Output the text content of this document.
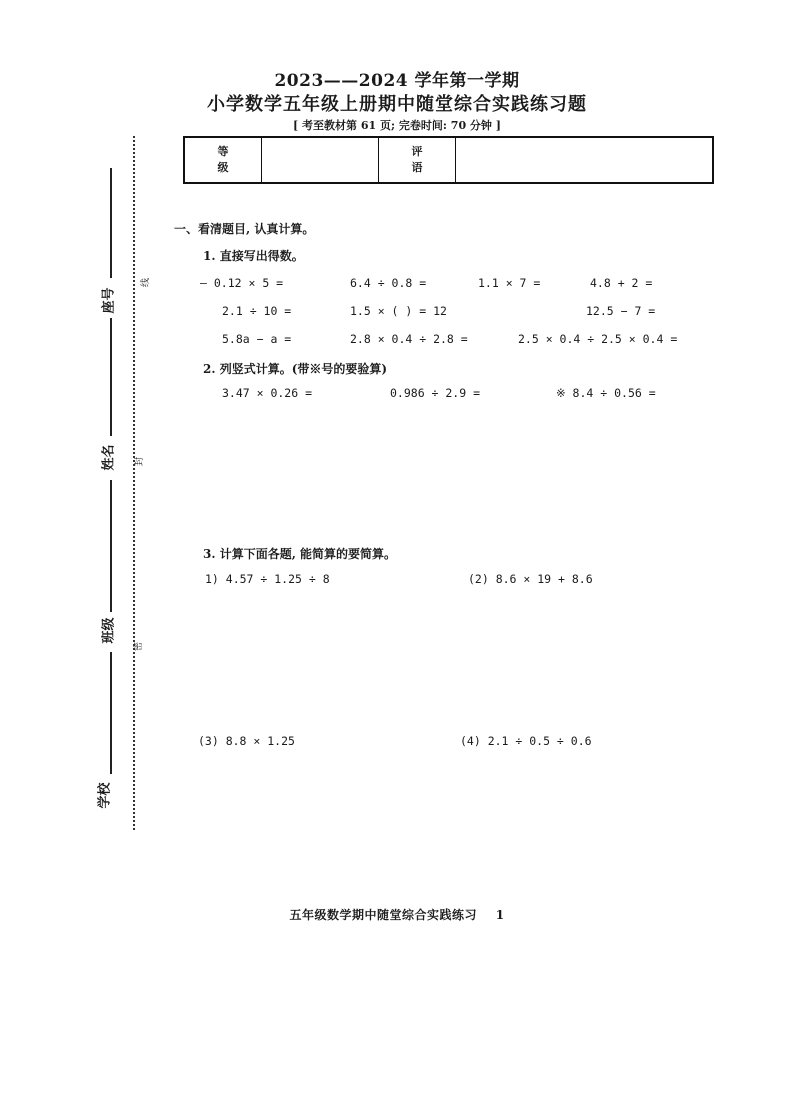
2023——2024 学年第一学期
小学数学五年级上册期中随堂综合实践练习题
[ 考至教材第 61 页; 完卷时间: 70 分钟 ]
等
级

评
语

线
封
密
座号
姓名
班级
学校
一、看清题目, 认真计算。
1. 直接写出得数。
— 0.12 × 5 =	6.4 ÷ 0.8 =	1.1 × 7 =	4.8 + 2 =
2.1 ÷ 10 =	1.5 × ( ) = 12	12.5 − 7 =
5.8a − a =	2.8 × 0.4 ÷ 2.8 =	2.5 × 0.4 ÷ 2.5 × 0.4 =
2. 列竖式计算。(带※号的要验算)
3.47 × 0.26 =	0.986 ÷ 2.9 =	※ 8.4 ÷ 0.56 =
3. 计算下面各题, 能简算的要简算。
1) 4.57 ÷ 1.25 ÷ 8	(2) 8.6 × 19 + 8.6
(3) 8.8 × 1.25	(4) 2.1 ÷ 0.5 ÷ 0.6
五年级数学期中随堂综合实践练习 1
